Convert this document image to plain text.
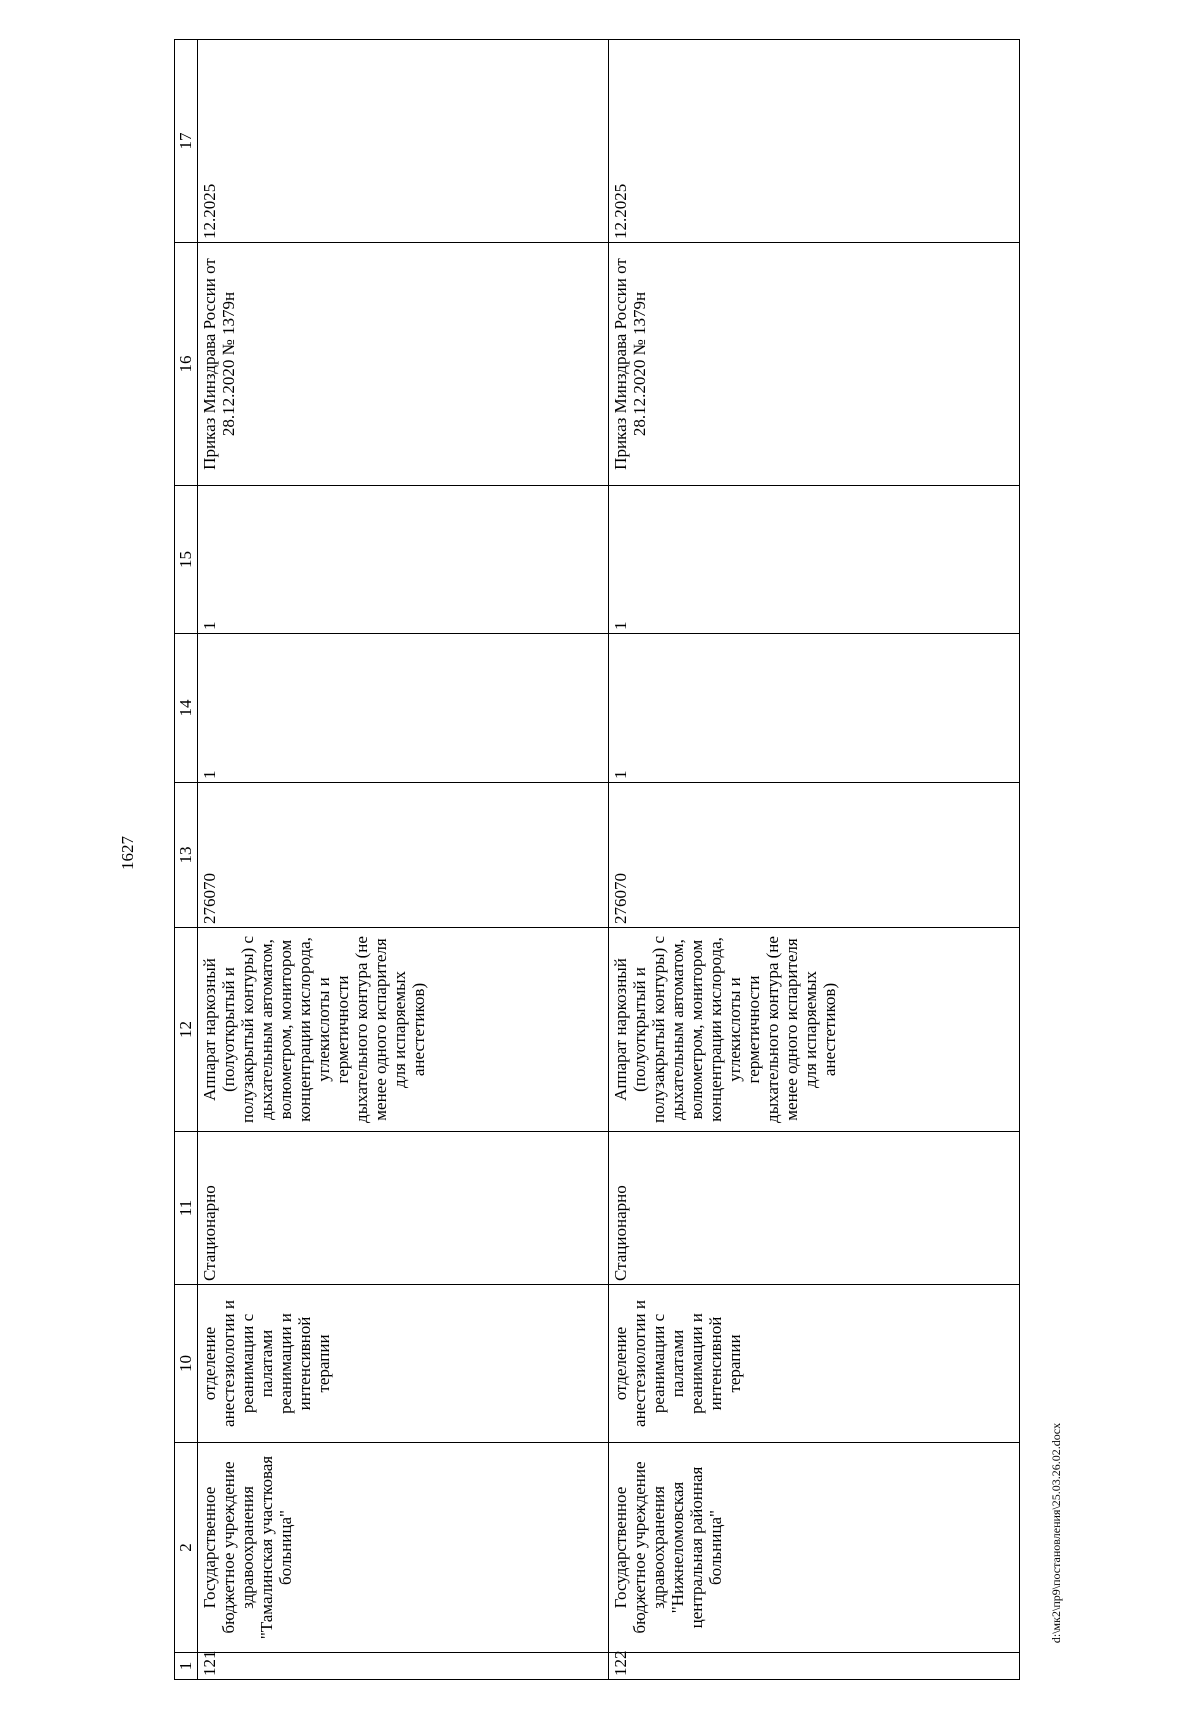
1627
1	2	10	11	12	13	14	15	16	17
121	Государственное бюджетное учреждение здравоохранения "Тамалинская участковая больница"	отделение анестезиологии и реанимации с палатами реанимации и интенсивной терапии	Стационарно	Аппарат наркозный (полуоткрытый и полузакрытый контуры) с дыхательным автоматом, волюметром, монитором концентрации кислорода, углекислоты и герметичности дыхательного контура (не менее одного испарителя для испаряемых анестетиков)	276070	1	1	Приказ Минздрава России от 28.12.2020 № 1379н	12.2025
122	Государственное бюджетное учреждение здравоохранения "Нижнеломовская центральная районная больница"	отделение анестезиологии и реанимации с палатами реанимации и интенсивной терапии	Стационарно	Аппарат наркозный (полуоткрытый и полузакрытый контуры) с дыхательным автоматом, волюметром, монитором концентрации кислорода, углекислоты и герметичности дыхательного контура (не менее одного испарителя для испаряемых анестетиков)	276070	1	1	Приказ Минздрава России от 28.12.2020 № 1379н	12.2025
d:\мк2\пр9\постановления\25.03.26.02.docx
